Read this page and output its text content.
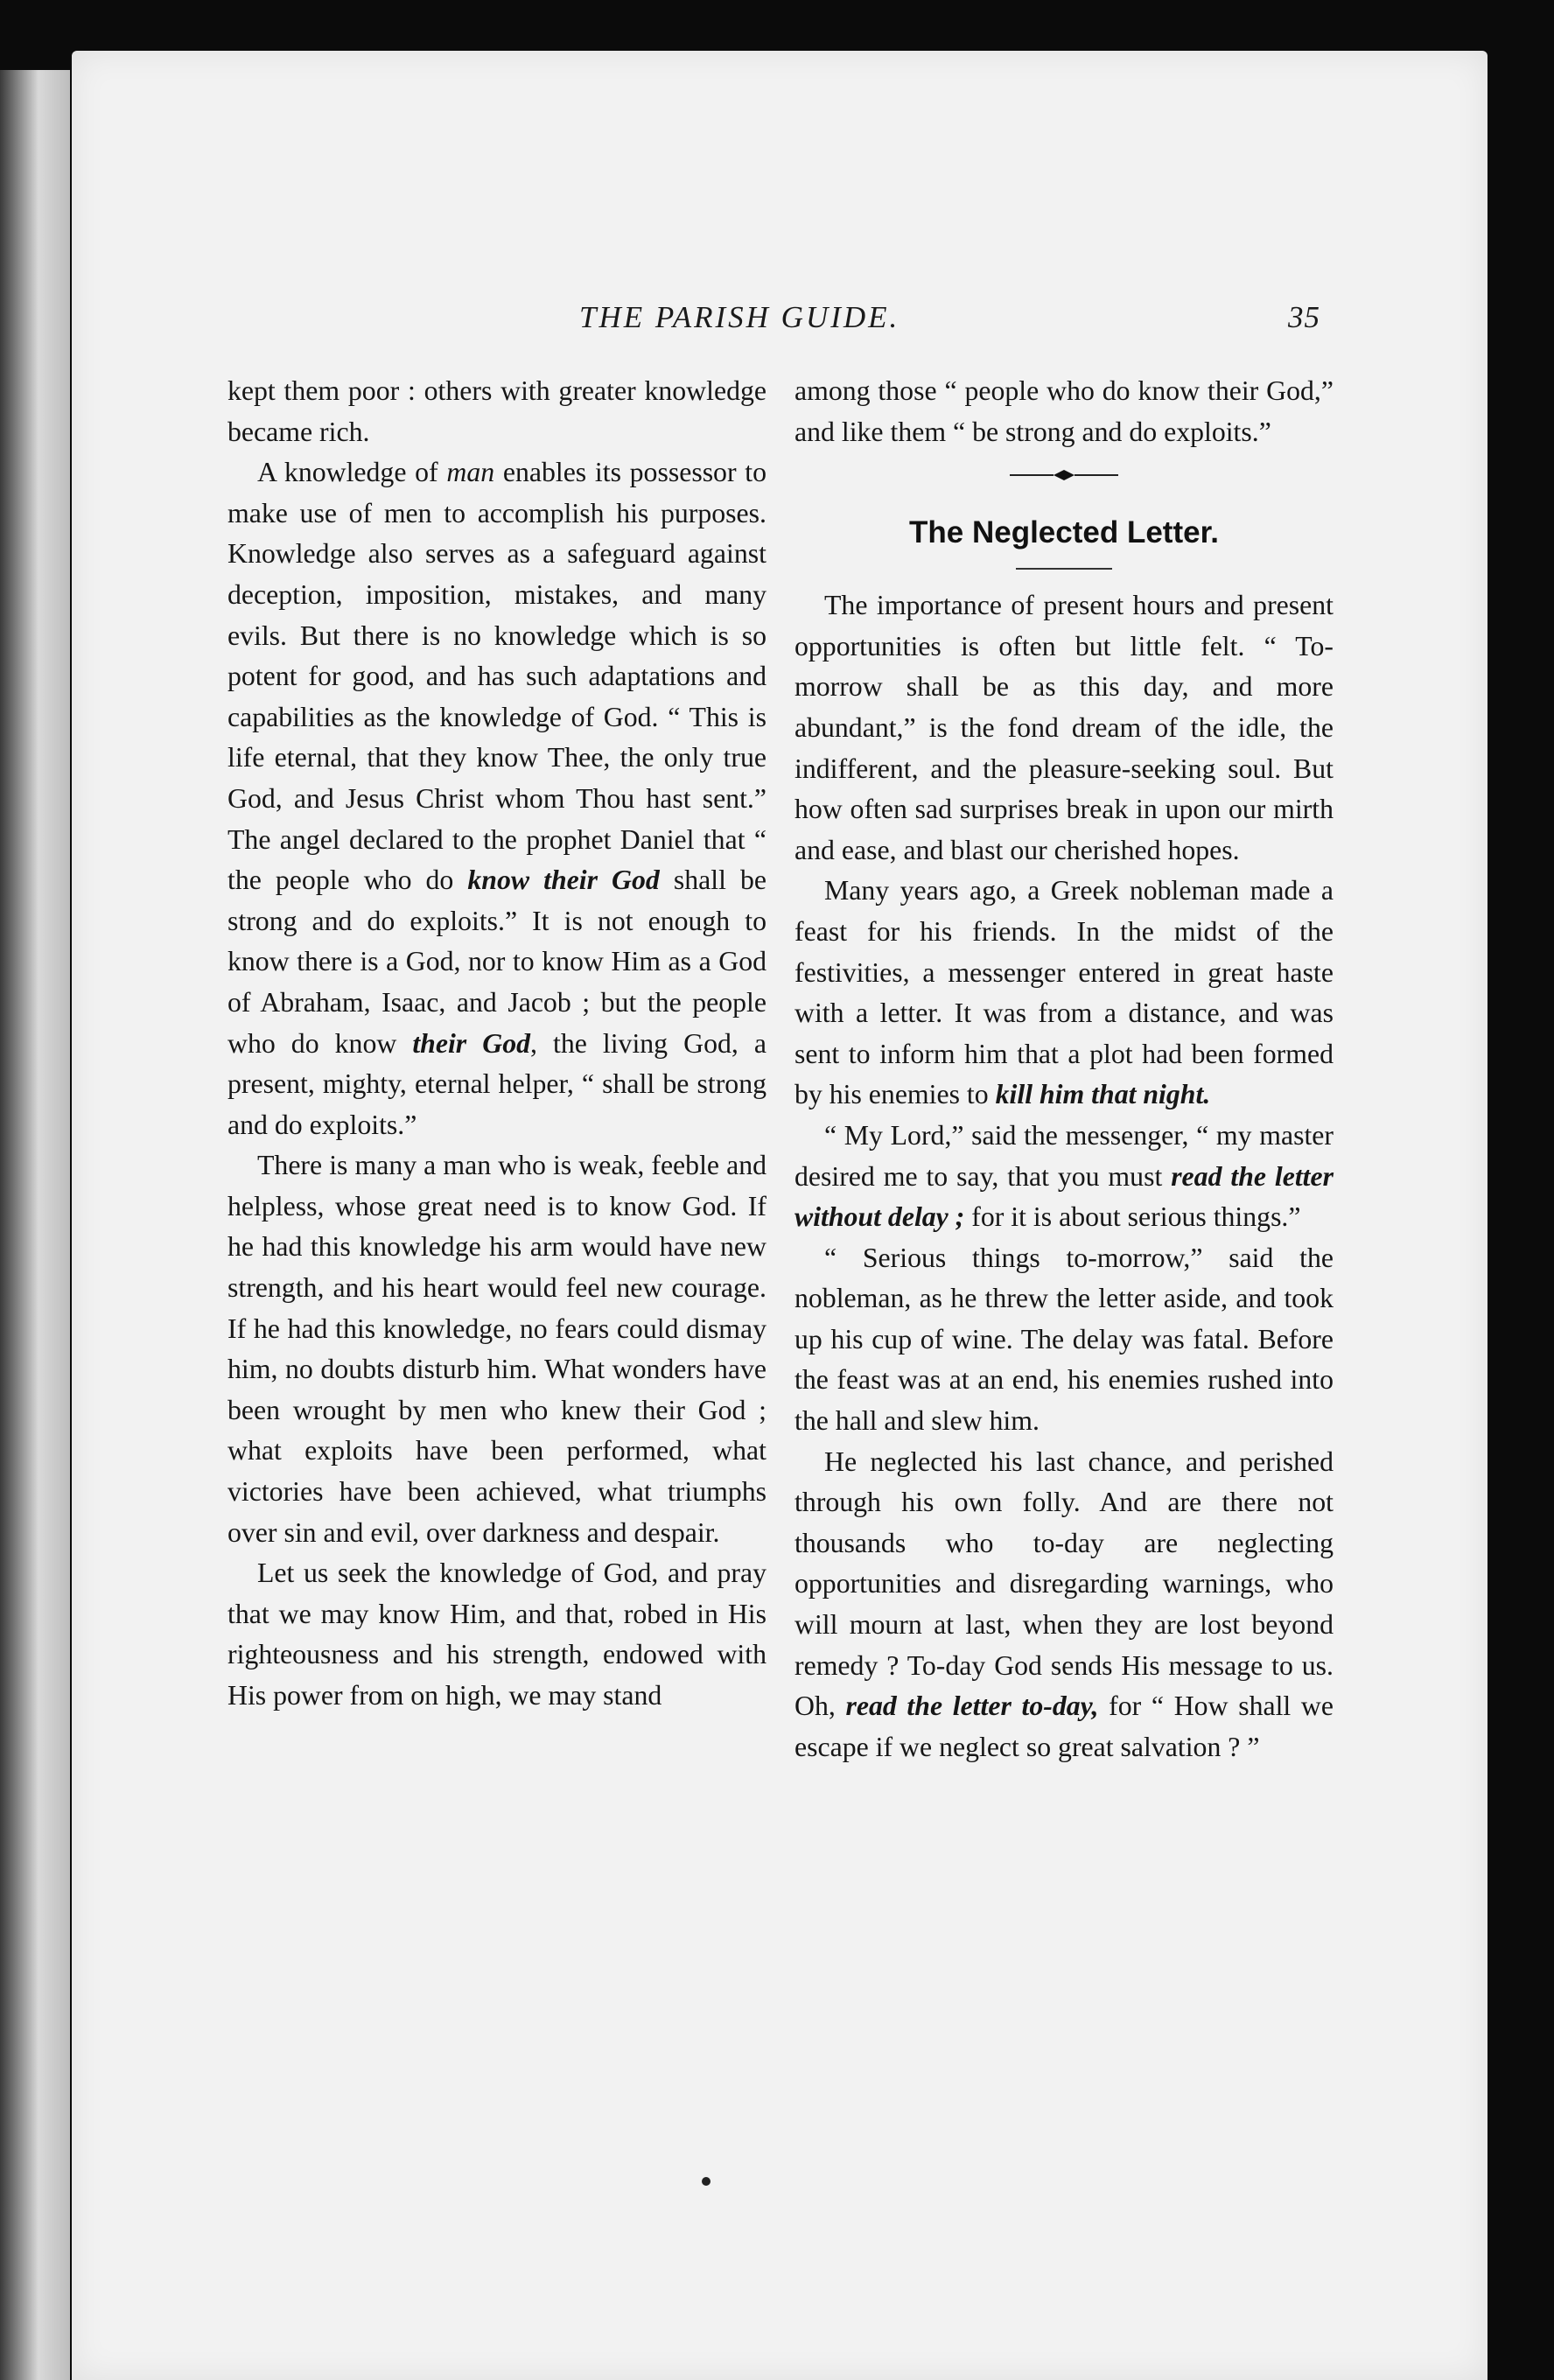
THE PARISH GUIDE.	35

kept them poor : others with greater knowledge became rich.

A knowledge of man enables its possessor to make use of men to accomplish his purposes. Knowledge also serves as a safeguard against deception, imposition, mistakes, and many evils. But there is no knowledge which is so potent for good, and has such adaptations and capabilities as the knowledge of God. “ This is life eternal, that they know Thee, the only true God, and Jesus Christ whom Thou hast sent.” The angel declared to the prophet Daniel that “ the people who do know their God shall be strong and do exploits.” It is not enough to know there is a God, nor to know Him as a God of Abraham, Isaac, and Jacob ; but the people who do know their God, the living God, a present, mighty, eternal helper, “ shall be strong and do exploits.”

There is many a man who is weak, feeble and helpless, whose great need is to know God. If he had this knowledge his arm would have new strength, and his heart would feel new courage. If he had this knowledge, no fears could dismay him, no doubts disturb him. What wonders have been wrought by men who knew their God ; what exploits have been performed, what victories have been achieved, what triumphs over sin and evil, over darkness and despair.

Let us seek the knowledge of God, and pray that we may know Him, and that, robed in His righteousness and his strength, endowed with His power from on high, we may stand

among those “ people who do know their God,” and like them “ be strong and do exploits.”

The Neglected Letter.

The importance of present hours and present opportunities is often but little felt. “ To-morrow shall be as this day, and more abundant,” is the fond dream of the idle, the indifferent, and the pleasure-seeking soul. But how often sad surprises break in upon our mirth and ease, and blast our cherished hopes.

Many years ago, a Greek nobleman made a feast for his friends. In the midst of the festivities, a messenger entered in great haste with a letter. It was from a distance, and was sent to inform him that a plot had been formed by his enemies to kill him that night.

“ My Lord,” said the messenger, “ my master desired me to say, that you must read the letter without delay ; for it is about serious things.”

“ Serious things to-morrow,” said the nobleman, as he threw the letter aside, and took up his cup of wine. The delay was fatal. Before the feast was at an end, his enemies rushed into the hall and slew him.

He neglected his last chance, and perished through his own folly. And are there not thousands who to-day are neglecting opportunities and disregarding warnings, who will mourn at last, when they are lost beyond remedy ? To-day God sends His message to us. Oh, read the letter to-day, for “ How shall we escape if we neglect so great salvation ? ”
